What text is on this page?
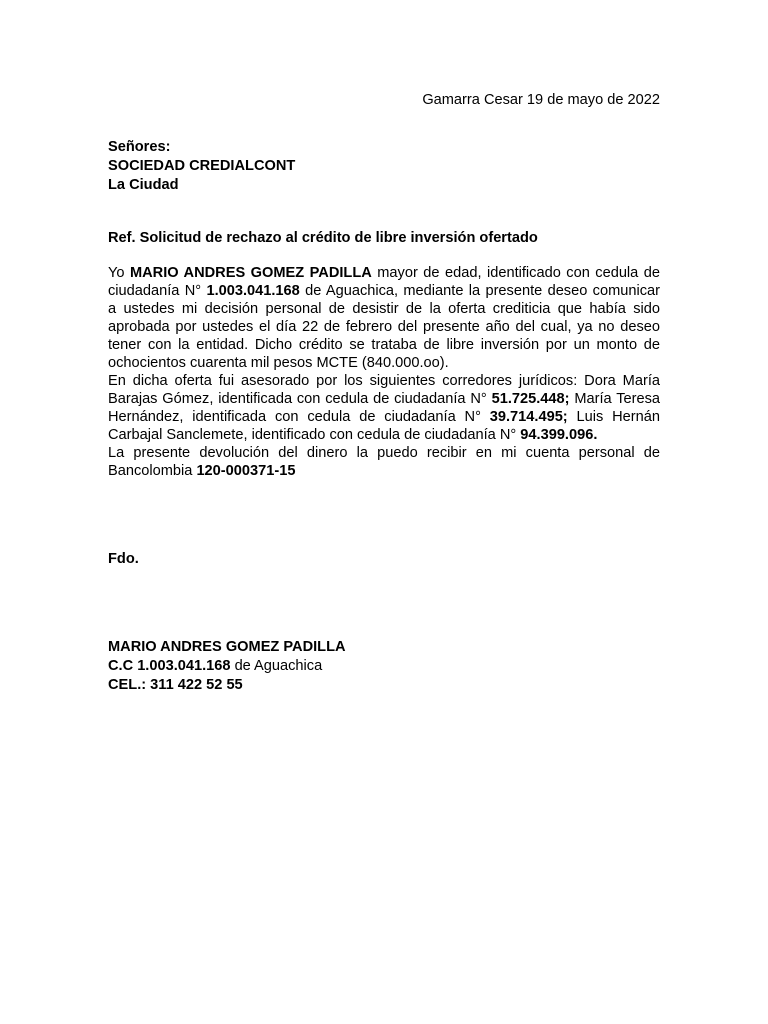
Gamarra Cesar 19 de mayo de 2022
Señores:
SOCIEDAD CREDIALCONT
La Ciudad
Ref. Solicitud de rechazo al crédito de libre inversión ofertado

Yo MARIO ANDRES GOMEZ PADILLA mayor de edad, identificado con cedula de ciudadanía N° 1.003.041.168 de Aguachica, mediante la presente deseo comunicar a ustedes mi decisión personal de desistir de la oferta crediticia que había sido aprobada por ustedes el día 22 de febrero del presente año del cual, ya no deseo tener con la entidad. Dicho crédito se trataba de libre inversión por un monto de ochocientos cuarenta mil pesos MCTE (840.000.oo).

En dicha oferta fui asesorado por los siguientes corredores jurídicos: Dora María Barajas Gómez, identificada con cedula de ciudadanía N° 51.725.448; María Teresa Hernández, identificada con cedula de ciudadanía N° 39.714.495; Luis Hernán Carbajal Sanclemete, identificado con cedula de ciudadanía N° 94.399.096.

La presente devolución del dinero la puedo recibir en mi cuenta personal de Bancolombia 120-000371-15

Fdo.
MARIO ANDRES GOMEZ PADILLA
C.C 1.003.041.168 de Aguachica
CEL.: 311 422 52 55
